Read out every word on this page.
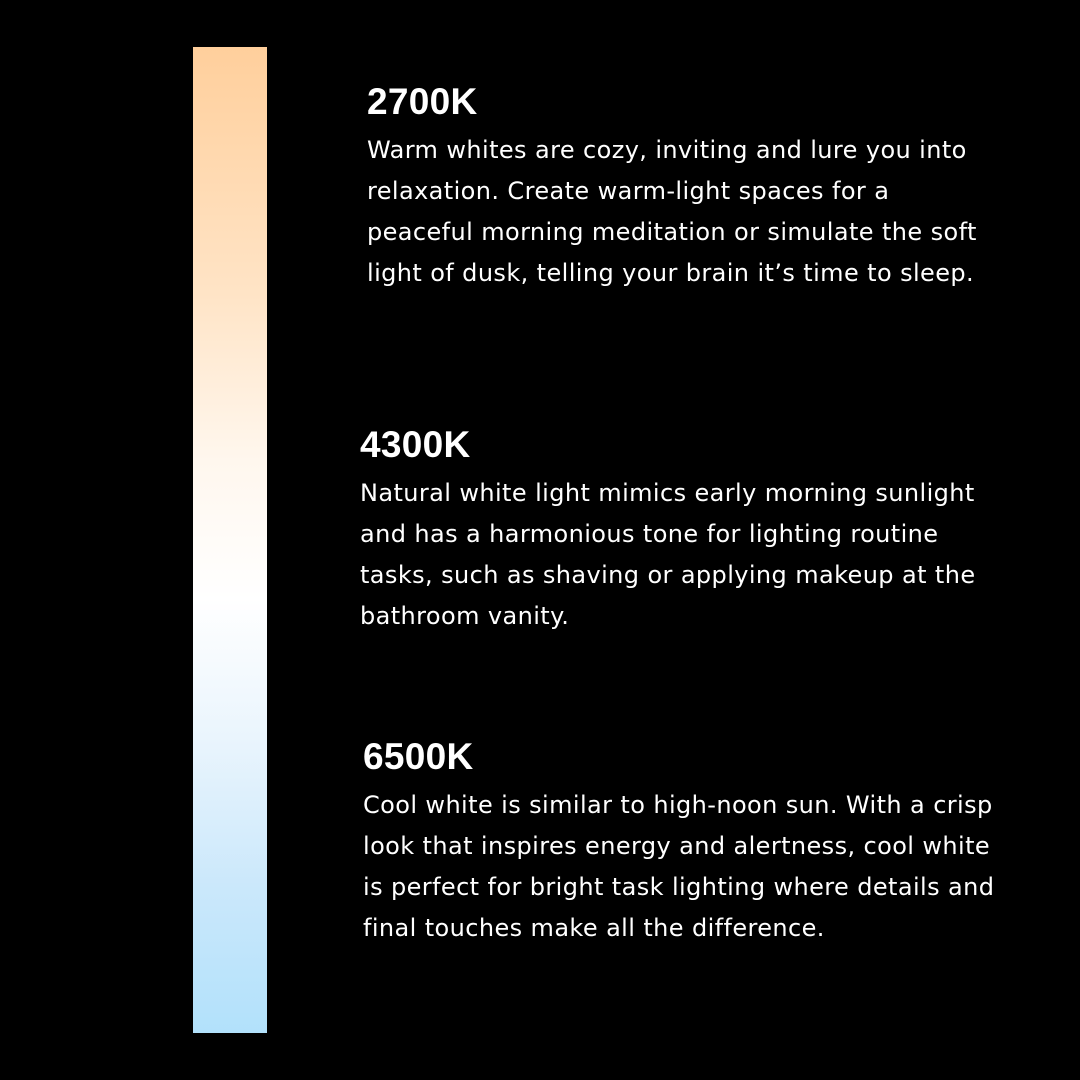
2700K

Warm whites are cozy, inviting and lure you into relaxation. Create warm-light spaces for a peaceful morning meditation or simulate the soft light of dusk, telling your brain it’s time to sleep.

4300K

Natural white light mimics early morning sunlight and has a harmonious tone for lighting routine tasks, such as shaving or applying makeup at the bathroom vanity.

6500K

Cool white is similar to high-noon sun. With a crisp look that inspires energy and alertness, cool white is perfect for bright task lighting where details and final touches make all the difference.
